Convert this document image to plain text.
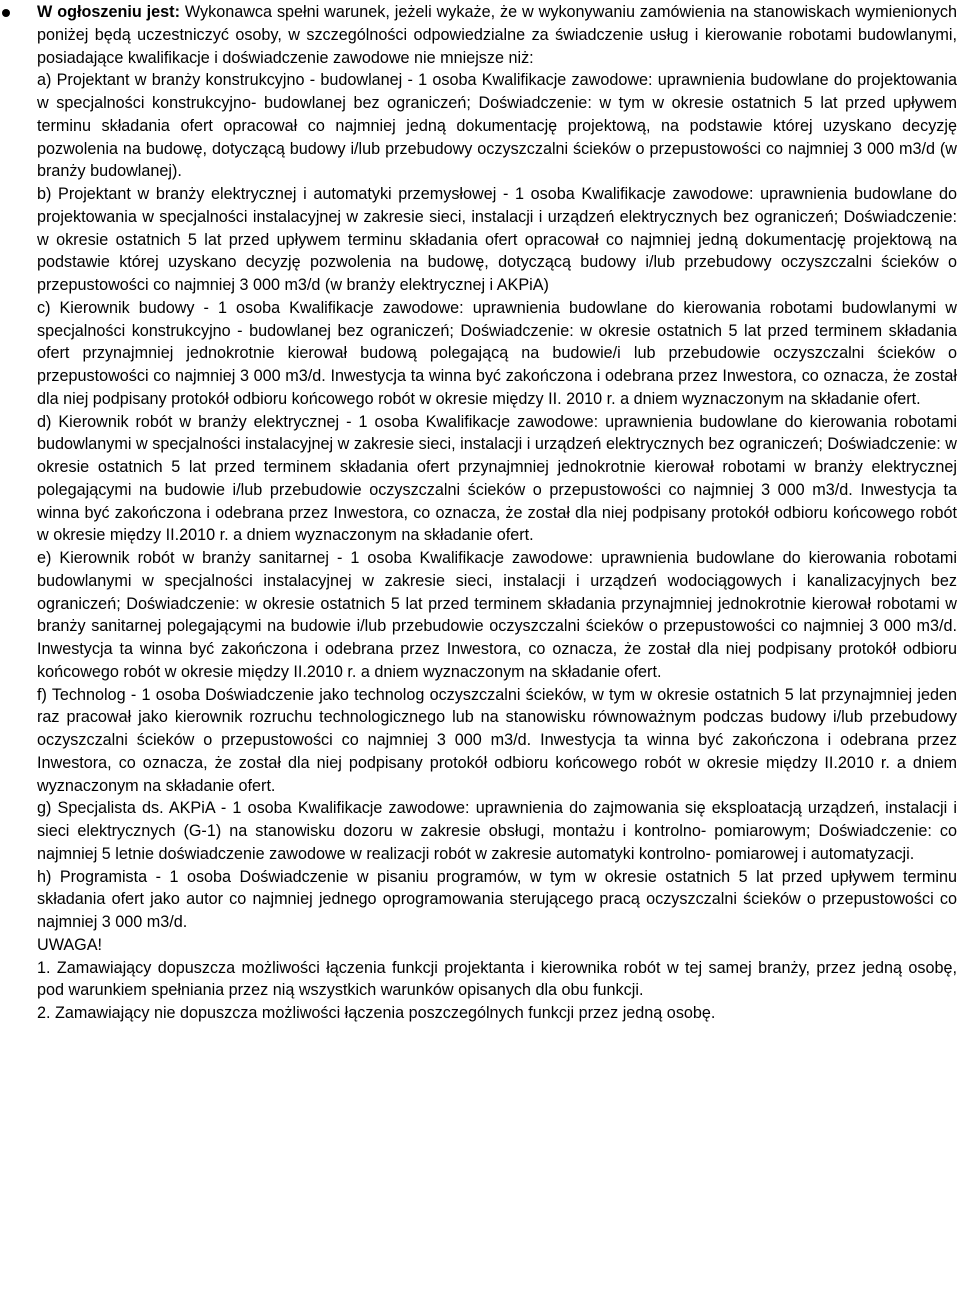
W ogłoszeniu jest: Wykonawca spełni warunek, jeżeli wykaże, że w wykonywaniu zamówienia na stanowiskach wymienionych poniżej będą uczestniczyć osoby, w szczególności odpowiedzialne za świadczenie usług i kierowanie robotami budowlanymi, posiadające kwalifikacje i doświadczenie zawodowe nie mniejsze niż:

a) Projektant w branży konstrukcyjno - budowlanej - 1 osoba Kwalifikacje zawodowe: uprawnienia budowlane do projektowania w specjalności konstrukcyjno- budowlanej bez ograniczeń; Doświadczenie: w tym w okresie ostatnich 5 lat przed upływem terminu składania ofert opracował co najmniej jedną dokumentację projektową, na podstawie której uzyskano decyzję pozwolenia na budowę, dotyczącą budowy i/lub przebudowy oczyszczalni ścieków o przepustowości co najmniej 3 000 m3/d (w branży budowlanej).

b) Projektant w branży elektrycznej i automatyki przemysłowej - 1 osoba Kwalifikacje zawodowe: uprawnienia budowlane do projektowania w specjalności instalacyjnej w zakresie sieci, instalacji i urządzeń elektrycznych bez ograniczeń; Doświadczenie: w okresie ostatnich 5 lat przed upływem terminu składania ofert opracował co najmniej jedną dokumentację projektową na podstawie której uzyskano decyzję pozwolenia na budowę, dotyczącą budowy i/lub przebudowy oczyszczalni ścieków o przepustowości co najmniej 3 000 m3/d (w branży elektrycznej i AKPiA)

c) Kierownik budowy - 1 osoba Kwalifikacje zawodowe: uprawnienia budowlane do kierowania robotami budowlanymi w specjalności konstrukcyjno - budowlanej bez ograniczeń; Doświadczenie: w okresie ostatnich 5 lat przed terminem składania ofert przynajmniej jednokrotnie kierował budową polegającą na budowie/i lub przebudowie oczyszczalni ścieków o przepustowości co najmniej 3 000 m3/d. Inwestycja ta winna być zakończona i odebrana przez Inwestora, co oznacza, że został dla niej podpisany protokół odbioru końcowego robót w okresie między II. 2010 r. a dniem wyznaczonym na składanie ofert.

d) Kierownik robót w branży elektrycznej - 1 osoba Kwalifikacje zawodowe: uprawnienia budowlane do kierowania robotami budowlanymi w specjalności instalacyjnej w zakresie sieci, instalacji i urządzeń elektrycznych bez ograniczeń; Doświadczenie: w okresie ostatnich 5 lat przed terminem składania ofert przynajmniej jednokrotnie kierował robotami w branży elektrycznej polegającymi na budowie i/lub przebudowie oczyszczalni ścieków o przepustowości co najmniej 3 000 m3/d. Inwestycja ta winna być zakończona i odebrana przez Inwestora, co oznacza, że został dla niej podpisany protokół odbioru końcowego robót w okresie między II.2010 r. a dniem wyznaczonym na składanie ofert.

e) Kierownik robót w branży sanitarnej - 1 osoba Kwalifikacje zawodowe: uprawnienia budowlane do kierowania robotami budowlanymi w specjalności instalacyjnej w zakresie sieci, instalacji i urządzeń wodociągowych i kanalizacyjnych bez ograniczeń; Doświadczenie: w okresie ostatnich 5 lat przed terminem składania przynajmniej jednokrotnie kierował robotami w branży sanitarnej polegającymi na budowie i/lub przebudowie oczyszczalni ścieków o przepustowości co najmniej 3 000 m3/d. Inwestycja ta winna być zakończona i odebrana przez Inwestora, co oznacza, że został dla niej podpisany protokół odbioru końcowego robót w okresie między II.2010 r. a dniem wyznaczonym na składanie ofert.

f) Technolog - 1 osoba Doświadczenie jako technolog oczyszczalni ścieków, w tym w okresie ostatnich 5 lat przynajmniej jeden raz pracował jako kierownik rozruchu technologicznego lub na stanowisku równoważnym podczas budowy i/lub przebudowy oczyszczalni ścieków o przepustowości co najmniej 3 000 m3/d. Inwestycja ta winna być zakończona i odebrana przez Inwestora, co oznacza, że został dla niej podpisany protokół odbioru końcowego robót w okresie między II.2010 r. a dniem wyznaczonym na składanie ofert.

g) Specjalista ds. AKPiA - 1 osoba Kwalifikacje zawodowe: uprawnienia do zajmowania się eksploatacją urządzeń, instalacji i sieci elektrycznych (G-1) na stanowisku dozoru w zakresie obsługi, montażu i kontrolno- pomiarowym; Doświadczenie: co najmniej 5 letnie doświadczenie zawodowe w realizacji robót w zakresie automatyki kontrolno- pomiarowej i automatyzacji.

h) Programista - 1 osoba Doświadczenie w pisaniu programów, w tym w okresie ostatnich 5 lat przed upływem terminu składania ofert jako autor co najmniej jednego oprogramowania sterującego pracą oczyszczalni ścieków o przepustowości co najmniej 3 000 m3/d.

UWAGA!

1. Zamawiający dopuszcza możliwości łączenia funkcji projektanta i kierownika robót w tej samej branży, przez jedną osobę, pod warunkiem spełniania przez nią wszystkich warunków opisanych dla obu funkcji.

2. Zamawiający nie dopuszcza możliwości łączenia poszczególnych funkcji przez jedną osobę.
